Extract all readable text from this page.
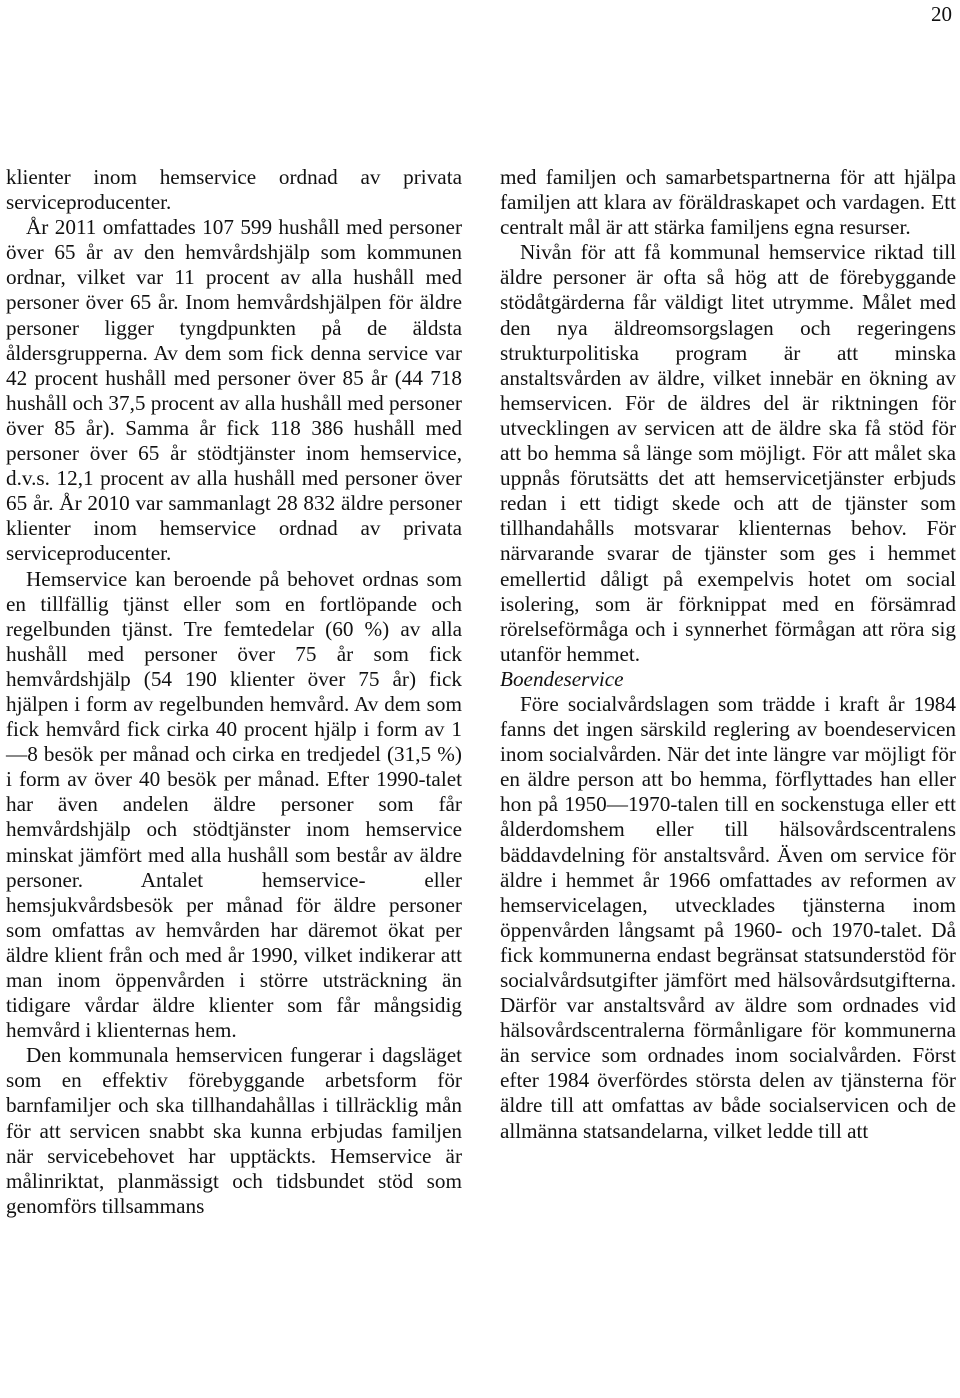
20

klienter inom hemservice ordnad av privata serviceproducenter.

År 2011 omfattades 107 599 hushåll med personer över 65 år av den hemvårdshjälp som kommunen ordnar, vilket var 11 procent av alla hushåll med personer över 65 år. Inom hemvårdshjälpen för äldre personer ligger tyngdpunkten på de äldsta åldersgrupperna. Av dem som fick denna service var 42 procent hushåll med personer över 85 år (44 718 hushåll och 37,5 procent av alla hushåll med personer över 85 år). Samma år fick 118 386 hushåll med personer över 65 år stödtjänster inom hemservice, d.v.s. 12,1 procent av alla hushåll med personer över 65 år. År 2010 var sammanlagt 28 832 äldre personer klienter inom hemservice ordnad av privata serviceproducenter.

Hemservice kan beroende på behovet ordnas som en tillfällig tjänst eller som en fortlöpande och regelbunden tjänst. Tre femtedelar (60 %) av alla hushåll med personer över 75 år som fick hemvårdshjälp (54 190 klienter över 75 år) fick hjälpen i form av regelbunden hemvård. Av dem som fick hemvård fick cirka 40 procent hjälp i form av 1—8 besök per månad och cirka en tredjedel (31,5 %) i form av över 40 besök per månad. Efter 1990-talet har även andelen äldre personer som får hemvårdshjälp och stödtjänster inom hemservice minskat jämfört med alla hushåll som består av äldre personer. Antalet hemservice- eller hemsjukvårdsbesök per månad för äldre personer som omfattas av hemvården har däremot ökat per äldre klient från och med år 1990, vilket indikerar att man inom öppenvården i större utsträckning än tidigare vårdar äldre klienter som får mångsidig hemvård i klienternas hem.

Den kommunala hemservicen fungerar i dagsläget som en effektiv förebyggande arbetsform för barnfamiljer och ska tillhandahållas i tillräcklig mån för att servicen snabbt ska kunna erbjudas familjen när servicebehovet har upptäckts. Hemservice är målinriktat, planmässigt och tidsbundet stöd som genomförs tillsammans

med familjen och samarbetspartnerna för att hjälpa familjen att klara av föräldraskapet och vardagen. Ett centralt mål är att stärka familjens egna resurser.

Nivån för att få kommunal hemservice riktad till äldre personer är ofta så hög att de förebyggande stödåtgärderna får väldigt litet utrymme. Målet med den nya äldreomsorgslagen och regeringens strukturpolitiska program är att minska anstaltsvården av äldre, vilket innebär en ökning av hemservicen. För de äldres del är riktningen för utvecklingen av servicen att de äldre ska få stöd för att bo hemma så länge som möjligt. För att målet ska uppnås förutsätts det att hemservicetjänster erbjuds redan i ett tidigt skede och att de tjänster som tillhandahålls motsvarar klienternas behov. För närvarande svarar de tjänster som ges i hemmet emellertid dåligt på exempelvis hotet om social isolering, som är förknippat med en försämrad rörelseförmåga och i synnerhet förmågan att röra sig utanför hemmet.

Boendeservice

Före socialvårdslagen som trädde i kraft år 1984 fanns det ingen särskild reglering av boendeservicen inom socialvården. När det inte längre var möjligt för en äldre person att bo hemma, förflyttades han eller hon på 1950—1970-talen till en sockenstuga eller ett ålderdomshem eller till hälsovårdscentralens bäddavdelning för anstaltsvård. Även om service för äldre i hemmet år 1966 omfattades av reformen av hemservicelagen, utvecklades tjänsterna inom öppenvården långsamt på 1960- och 1970-talet. Då fick kommunerna endast begränsat statsunderstöd för socialvårdsutgifter jämfört med hälsovårdsutgifterna. Därför var anstaltsvård av äldre som ordnades vid hälsovårdscentralerna förmånligare för kommunerna än service som ordnades inom socialvården. Först efter 1984 överfördes största delen av tjänsterna för äldre till att omfattas av både socialservicen och de allmänna statsandelarna, vilket ledde till att
